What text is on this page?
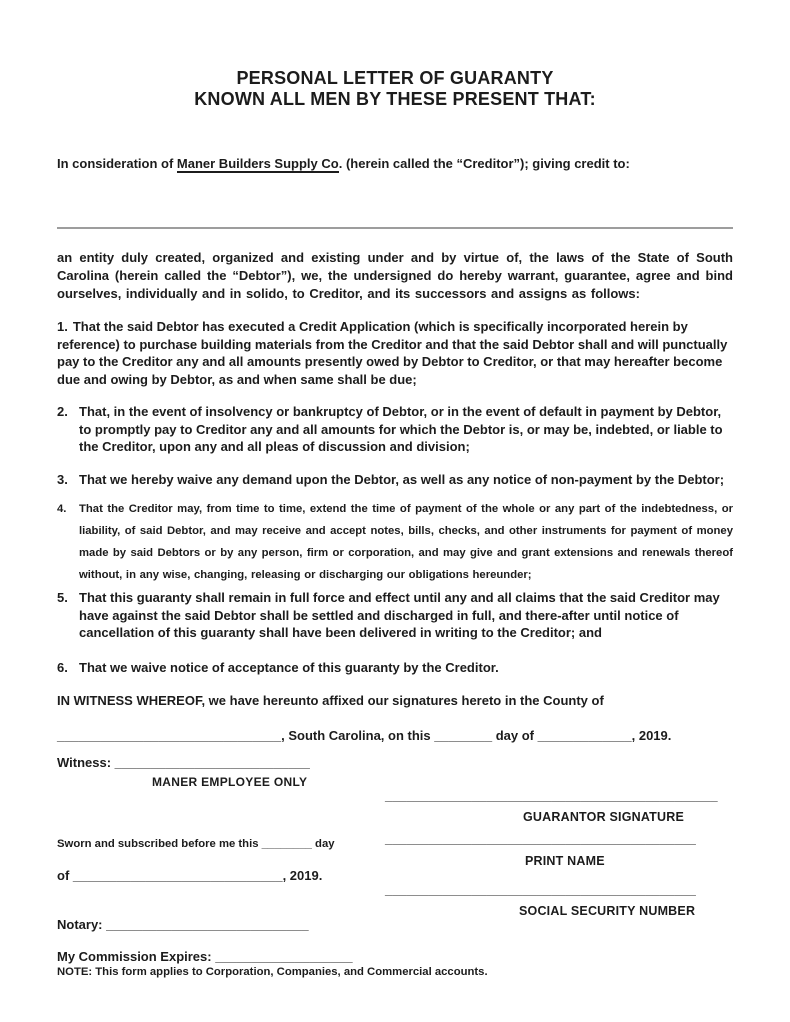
PERSONAL LETTER OF GUARANTY
KNOWN ALL MEN BY THESE PRESENT THAT:

In consideration of Maner Builders Supply Co. (herein called the “Creditor”); giving credit to:

an entity duly created, organized and existing under and by virtue of, the laws of the State of South Carolina (herein called the “Debtor”), we, the undersigned do hereby warrant, guarantee, agree and bind ourselves, individually and in solido, to Creditor, and its successors and assigns as follows:

1. That the said Debtor has executed a Credit Application (which is specifically incorporated herein by reference) to purchase building materials from the Creditor and that the said Debtor shall and will punctually pay to the Creditor any and all amounts presently owed by Debtor to Creditor, or that may hereafter become due and owing by Debtor, as and when same shall be due;

2. That, in the event of insolvency or bankruptcy of Debtor, or in the event of default in payment by Debtor, to promptly pay to Creditor any and all amounts for which the Debtor is, or may be, indebted, or liable to the Creditor, upon any and all pleas of discussion and division;
3. That we hereby waive any demand upon the Debtor, as well as any notice of non-payment by the Debtor;
4.	That the Creditor may, from time to time, extend the time of payment of the whole or any part of the indebtedness, or liability, of said Debtor, and may receive and accept notes, bills, checks, and other instruments for payment of money made by said Debtors or by any person, firm or corporation, and may give and grant extensions and renewals thereof without, in any wise, changing, releasing or discharging our obligations hereunder;
5. That this guaranty shall remain in full force and effect until any and all claims that the said Creditor may have against the said Debtor shall be settled and discharged in full, and there-after until notice of cancellation of this guaranty shall have been delivered in writing to the Creditor; and
6. That we waive notice of acceptance of this guaranty by the Creditor.

IN WITNESS WHEREOF, we have hereunto affixed our signatures hereto in the County of

_______________________________, South Carolina, on this ________ day of _____________, 2019.

Witness: ___________________________
MANER EMPLOYEE ONLY
______________________________________________
GUARANTOR SIGNATURE
Sworn and subscribed before me this ________ day	___________________________________________
PRINT NAME
of _____________________________, 2019.
___________________________________________
SOCIAL SECURITY NUMBER
Notary: ____________________________
My Commission Expires: ___________________
NOTE: This form applies to Corporation, Companies, and Commercial accounts.
